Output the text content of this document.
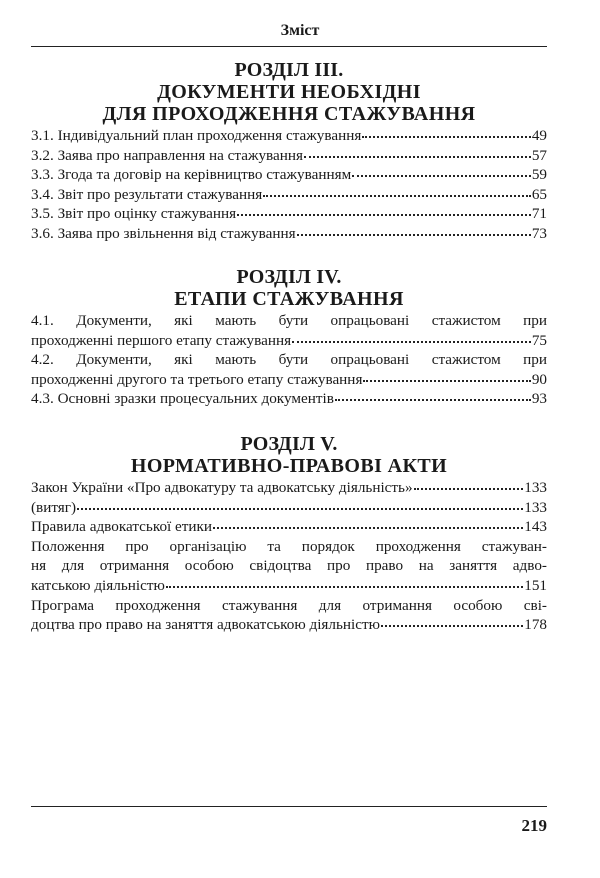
Зміст
РОЗДІЛ III.
ДОКУМЕНТИ НЕОБХІДНІ
ДЛЯ ПРОХОДЖЕННЯ СТАЖУВАННЯ
3.1. Індивідуальний план проходження стажування	49
3.2. Заява про направлення на стажування	57
3.3. Згода та договір на керівництво стажуванням	59
3.4. Звіт про результати стажування	65
3.5. Звіт про оцінку стажування	71
3.6. Заява про звільнення від стажування	73
РОЗДІЛ IV.
ЕТАПИ СТАЖУВАННЯ
4.1. Документи, які мають бути опрацьовані стажистом при
проходженні першого етапу стажування	75
4.2. Документи, які мають бути опрацьовані стажистом при
проходженні другого та третього етапу стажування	90
4.3. Основні зразки процесуальних документів	93
РОЗДІЛ V.
НОРМАТИВНО-ПРАВОВІ АКТИ
Закон України «Про адвокатуру та адвокатську діяльність»	133
(витяг)	133
Правила адвокатської етики	143
Положення про організацію та порядок проходження стажуван-
ня для отримання особою свідоцтва про право на заняття адво-
катською діяльністю	151
Програма проходження стажування для отримання особою сві-
доцтва про право на заняття адвокатською діяльністю	178
219
